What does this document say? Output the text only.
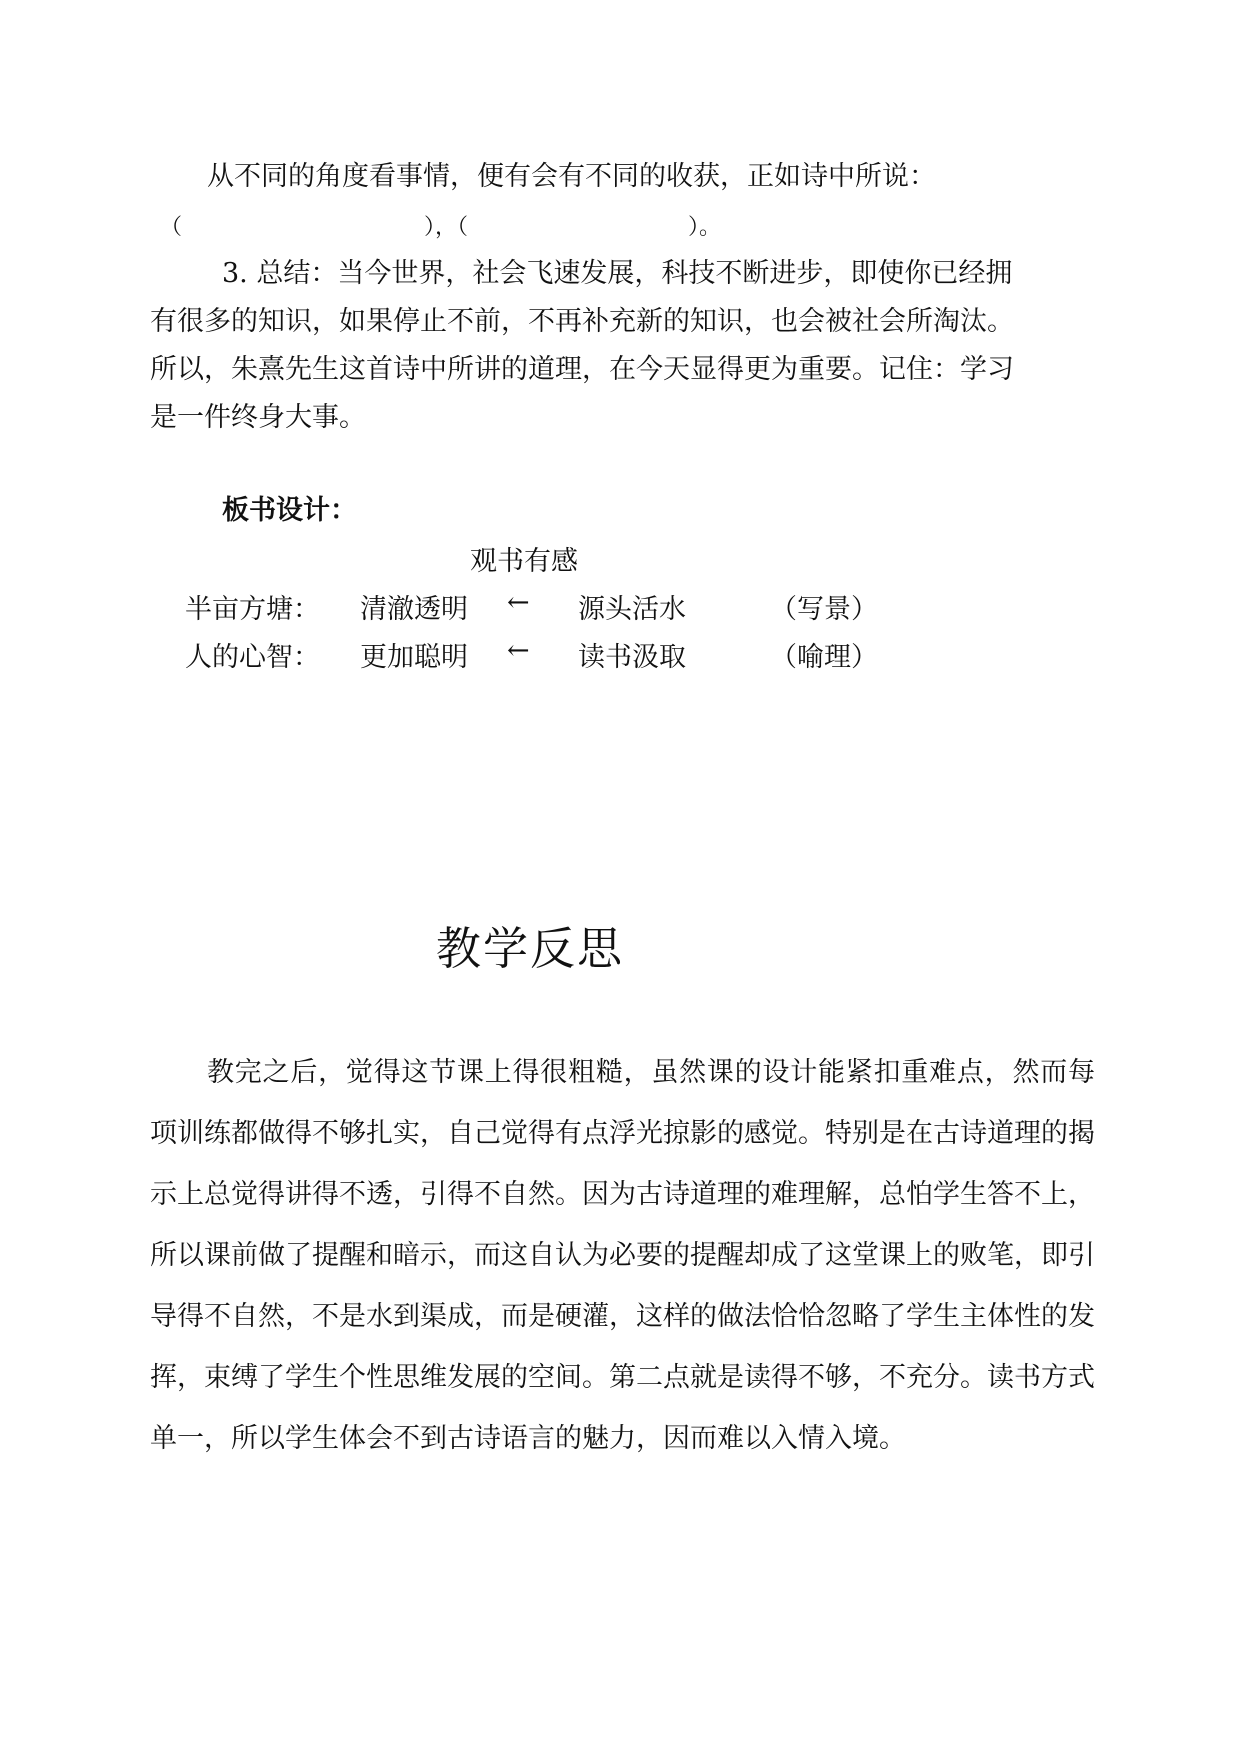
从不同的角度看事情，便有会有不同的收获，正如诗中所说：
（　　　　　　　　　　　），（　　　　　　　　　　）。
3. 总结：当今世界，社会飞速发展，科技不断进步，即使你已经拥
有很多的知识，如果停止不前，不再补充新的知识，也会被社会所淘汰。
所以，朱熹先生这首诗中所讲的道理，在今天显得更为重要。记住：学习
是一件终身大事。
板书设计：
观书有感
半亩方塘： 清澈透明 ← 源头活水	（写景）
人的心智： 更加聪明 ← 读书汲取	（喻理）
教学反思

教完之后，觉得这节课上得很粗糙，虽然课的设计能紧扣重难点，然而每项训练都做得不够扎实，自己觉得有点浮光掠影的感觉。特别是在古诗道理的揭示上总觉得讲得不透，引得不自然。因为古诗道理的难理解，总怕学生答不上，所以课前做了提醒和暗示，而这自认为必要的提醒却成了这堂课上的败笔，即引导得不自然，不是水到渠成，而是硬灌，这样的做法恰恰忽略了学生主体性的发挥，束缚了学生个性思维发展的空间。第二点就是读得不够，不充分。读书方式单一，所以学生体会不到古诗语言的魅力，因而难以入情入境。
